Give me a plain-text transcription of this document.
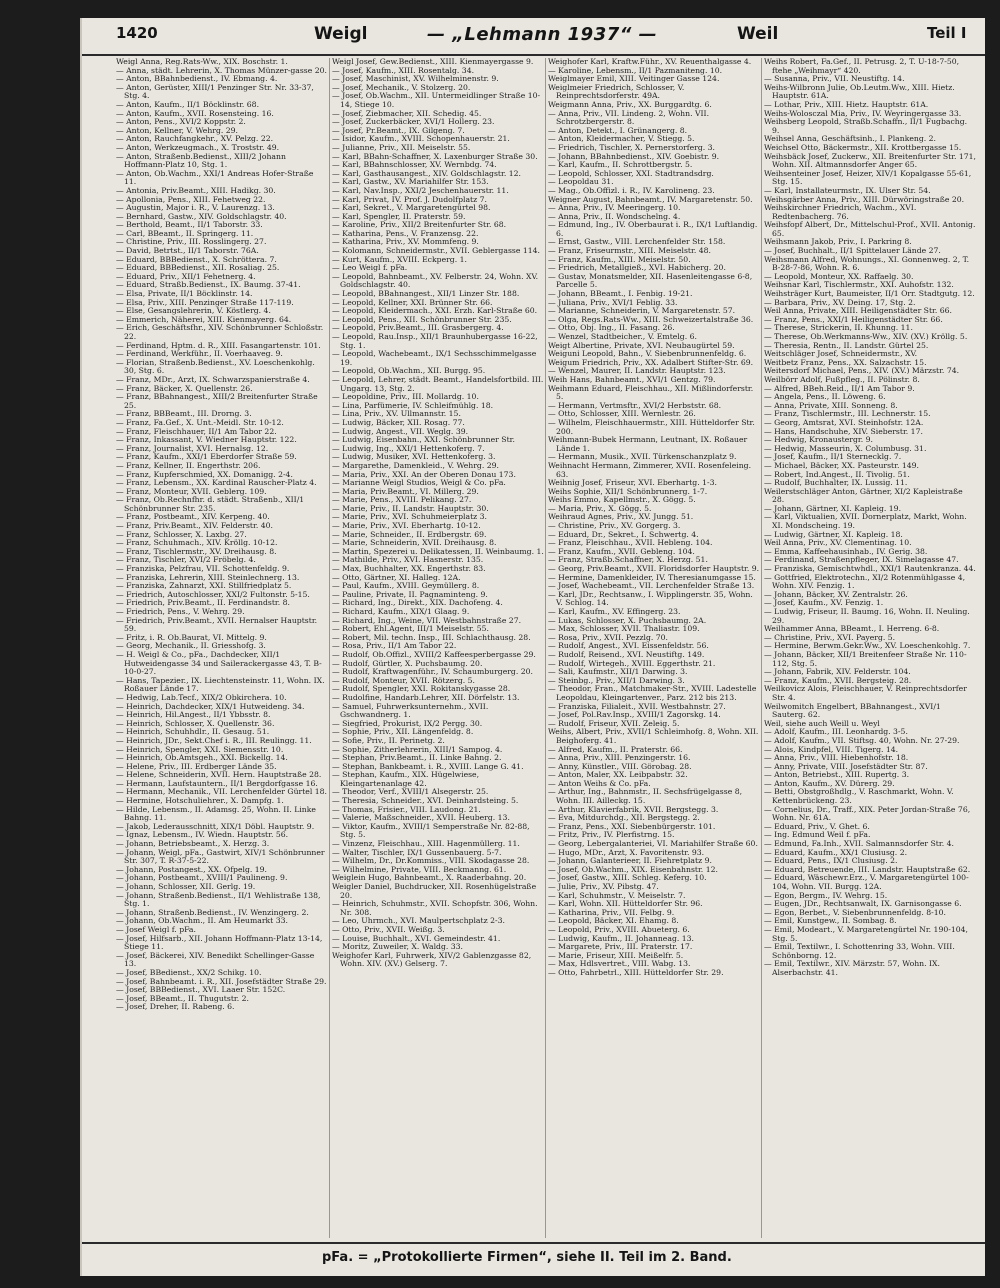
1420	Weigl	— „Lehmann 1937“ —	Weil	Teil I
Weigl Anna, Reg.Rats-Ww., XIX. Boschstr. 1.
— Anna, städt. Lehrerin, X. Thomas Münzer-gasse 20.
— Anton, BBahnbedienst., IV. Ebmang. 4.
— Anton, Gerüster, XIII/1 Penzinger Str. Nr. 33-37, Stg. 4.
— Anton, Kaufm., II/1 Böcklinstr. 68.
— Anton, Kaufm., XVII. Rosensteing. 16.
— Anton, Pens., XVI/2 Koppstr. 2.
— Anton, Kellner, V. Wehrg. 29.
— Anton, Rauchfangkehr., XV. Pelzg. 22.
— Anton, Werkzeugmach., X. Troststr. 49.
— Anton, Straßenb.Bedienst., XIII/2 Johann Hoffmann-Platz 10, Stg. 1.
— Anton, Ob.Wachm., XXI/1 Andreas Hofer-Straße 11.
— Antonia, Priv.Beamt., XIII. Hadikg. 30.
— Apollonia, Pens., XIII. Fehetweg 22.
— Augustin, Major i. R., V. Laurenzg. 13.
— Bernhard, Gastw., XIV. Goldschlagstr. 40.
— Berthold, Beamt., II/1 Taborstr. 33.
— Carl, BBeamt., II. Springerg. 11.
— Christine, Priv., III. Rosslingerg. 27.
— David, Betrtst., II/1 Taborstr. 76A.
— Eduard, BBBedienst., X. Schröttera. 7.
— Eduard, BBBedienst., XII. Rosaliag. 25.
— Eduard, Priv., XII/1 Fehetnerg. 4.
— Eduard, Straßb.Bedienst., IX. Baumg. 37-41.
— Elsa, Private, II/1 Böcklinstr. 14.
— Elsa, Priv., XIII. Penzinger Straße 117-119.
— Else, Gesangslehrerin, V. Köstlerg. 4.
— Emmerich, Näherei, XIII. Kienmayerg. 64.
— Erich, Geschäftsfhr., XIV. Schönbrunner Schloßstr. 22.
— Ferdinand, Hptm. d. R., XIII. Fasangartenstr. 101.
— Ferdinand, Werkführ., II. Voerhaaveg. 9.
— Florian, Straßenb.Bedienst., XV. Loeschenkohlg. 30, Stg. 6.
— Franz, MDr., Arzt, IX. Schwarzspanierstraße 4.
— Franz, Bäcker, X. Quellenstr. 26.
— Franz, BBahnangest., XIII/2 Breitenfurter Straße 25.
— Franz, BBBeamt., III. Drorng. 3.
— Franz, Fa.Gef., X. Unt.-Meidl. Str. 10-12.
— Franz, Fleischhauer, II/1 Am Tabor 22.
— Franz, Inkassant, V. Wiedner Hauptstr. 122.
— Franz, Journalist, XVI. Hernalsg. 12.
— Franz, Kaufm., XXI/1 Eberdorfer Straße 59.
— Franz, Kellner, II. Engerthstr. 206.
— Franz, Kupferschmied, XX. Domanigg. 2-4.
— Franz, Lebensm., XX. Kardinal Rauscher-Platz 4.
— Franz, Monteur, XVII. Geblerg. 109.
— Franz, Ob.Rechnfhr. d. städt. Straßenb., XII/1 Schönbrunner Str. 235.
— Franz, Postbeamt., XIV. Kerpeng. 40.
— Franz, Priv.Beamt., XIV. Felderstr. 40.
— Franz, Schlosser, X. Laxbg. 27.
— Franz, Schuhmach., XIV. Kröllg. 10-12.
— Franz, Tischlermstr., XV. Dreihausg. 8.
— Franz, Tischler, XVI/2 Fröbelg. 4.
— Franziska, Pelzfrau, VII. Schottenfeldg. 9.
— Franziska, Lehrerin, XIII. Steinlechnerg. 13.
— Franziska, Zahnarzt, XXI. Stillfriedplatz 5.
— Friedrich, Autoschlosser, XXI/2 Fultonstr. 5-15.
— Friedrich, Priv.Beamt., II. Ferdinandstr. 8.
— Friedrich, Pens., V. Wehrg. 29.
— Friedrich, Priv.Beamt., XVII. Hernalser Hauptstr. 59.
— Fritz, i. R. Ob.Baurat, VI. Mittelg. 9.
— Georg, Mechanik., II. Griesshofg. 3.
— H. Weigl & Co., pFa., Dachdecker, XII/1 Hutweidengasse 34 und Sailerackergasse 43, T. B-10-0-27.
— Hans, Tapezier., IX. Liechtensteinstr. 11, Wohn. IX. Roßauer Lände 17.
— Hedwig, Lab.Tecf., XIX/2 Obkirchera. 10.
— Heinrich, Dachdecker, XIX/1 Hutweideng. 34.
— Heinrich, Hil.Angest., II/1 Ybbsstr. 8.
— Heinrich, Schlosser, X. Quellenstr. 36.
— Heinrich, Schuhhdlr., II. Gesaug. 51.
— Heinrich, JDr., Sekt.Chef i. R., III. Reulingg. 11.
— Heinrich, Spengler, XXI. Siemensstr. 10.
— Heinrich, Ob.Amtsgeh., XXI. Bickellg. 14.
— Helene, Priv., III. Erdberger Lände 35.
— Helene, Schneiderin, XVII. Hern. Hauptstraße 28.
— Hermann, Laufstauntern., II/1 Bergdorfgasse 16.
— Hermann, Mechanik., VII. Lerchenfelder Gürtel 18.
— Hermine, Hotschuliehrer., X. Dampfg. 1.
— Hilde, Lebensm., II. Adamsg. 25, Wohn. II. Linke Bahng. 11.
— Jakob, Lederausschnitt, XIX/1 Döbl. Hauptstr. 9.
— Ignaz, Lebensm., IV. Wiedn. Hauptstr. 56.
— Johann, Betriebsbeamt., X. Herzg. 3.
— Johann, Weigl, pFa., Gastwirt, XIV/1 Schönbrunner Str. 307, T. R-37-5-22.
— Johann, Postangest., XX. Ofpelg. 19.
— Johann, Postbeamt., XVIII/1 Paulineng. 9.
— Johann, Schlosser, XII. Gerlg. 19.
— Johann, Straßenb.Bedienst., II/1 Wehlistraße 138, Stg. 1.
— Johann, Straßenb.Bedienst., IV. Wenzingerg. 2.
— Johann, Ob.Wachm., II. Am Heumarkt 33.
— Josef Weigl f. pFa.
— Josef, Hilfsarb., XII. Johann Hoffmann-Platz 13-14, Stiege 11.
— Josef, Bäckerei, XIV. Benedikt Schellinger-Gasse 13.
— Josef, BBedienst., XX/2 Schikg. 10.
— Josef, Bahnbeamt. i. R., XII. Josefstädter Straße 29.
— Josef, BBBedienst., XVI. Laaer Str. 152C.
— Josef, BBeamt., II. Thugutstr. 2.
— Josef, Dreher, II. Rabeng. 6.
Weigl Josef, Gew.Bedienst., XIII. Kienmayergasse 9.
— Josef, Kaufm., XIII. Rosentalg. 34.
— Josef, Maschinist, XV. Wilhelminenstr. 9.
— Josef, Mechanik., V. Stolzerg. 20.
— Josef, Ob.Wachm., XII. Untermeidlinger Straße 10-14, Stiege 10.
— Josef, Ziebmacher, XII. Schedig. 45.
— Josef, Zuckerbäcker, XVI/1 Hollerg. 23.
— Josef, Pr.Beamt., IX. Gilgeng. 7.
— Isidor, Kaufm., XVIII. Schopenhauerstr. 21.
— Julianne, Priv., XII. Meiselstr. 55.
— Karl, BBahn-Schaffner, X. Laxenburger Straße 30.
— Karl, BBahnschlosser, XV. Wernbdg. 74.
— Karl, Gasthausangest., XIV. Goldschlagstr. 12.
— Karl, Gastw., XV. Mariahilfer Str. 153.
— Karl, Nav.Insp., XXI/2 Jeschenhauerstr. 11.
— Karl, Privat, IV. Prof. J. Dudolfplatz 7.
— Karl, Sekret., V. Margaretengürtel 98.
— Karl, Spengler, II. Praterstr. 59.
— Karoline, Priv., XII/2 Breitenfurter Str. 68.
— Katharina, Pens., V. Franzensg. 22.
— Katharina, Priv., XV. Mommfeng. 9.
— Kolomann, Schneidermstr., XVII. Geblergasse 114.
— Kurt, Kaufm., XVIII. Eckperg. 1.
— Leo Weigl f. pFa.
— Leopold, Bahnbeamt., XV. Felberstr. 24, Wohn. XV. Goldschlagstr. 40.
— Leopold, BBahnangest., XII/1 Linzer Str. 188.
— Leopold, Kellner, XXI. Brünner Str. 66.
— Leopold, Kleidermach., XXI. Erzh. Karl-Straße 60.
— Leopold, Pens., XII. Schönbrunner Str. 235.
— Leopold, Priv.Beamt., III. Grasbergerg. 4.
— Leopold, Rau.Insp., XII/1 Braunhubergasse 16-22, Stg. 1.
— Leopold, Wachebeamt., IX/1 Sechsschimmelgasse 19.
— Leopold, Ob.Wachm., XII. Burgg. 95.
— Leopold, Lehrer, städt. Beamt., Handelsfortbild. III. Ungarg. 13, Stg. 2.
— Leopoldine, Priv., III. Mollardg. 10.
— Lina, Parfümerie, IV. Schleifmühlg. 18.
— Lina, Priv., XV. Ullmannstr. 15.
— Ludwig, Bäcker, XII. Rosag. 77.
— Ludwig, Angest., VII. Weglg. 39.
— Ludwig, Eisenbahn., XXI. Schönbrunner Str.
— Ludwig, Ing., XXI/1 Hettenkoferg. 7.
— Ludwig, Musiker, XVI. Hettenkoferg. 3.
— Margarethe, Damenkleid., V. Wehrg. 29.
— Maria, Priv., XXI. An der Oberen Donau 173.
— Marianne Weigl Studios, Weigl & Co. pFa.
— Maria, Priv.Beamt., VI. Millerg. 29.
— Marie, Pens., XVIII. Pelikang. 27.
— Marie, Priv., II. Landstr. Hauptstr. 30.
— Marie, Priv., XVI. Schuhmeierplatz 3.
— Marie, Priv., XVI. Eberhartg. 10-12.
— Marie, Schneider., II. Erdbergstr. 69.
— Marie, Schneiderin, XVII. Dreihausg. 8.
— Martin, Spezerei u. Delikatessen, II. Weinbaumg. 1.
— Mathilde, Priv., XVI. Hasnerstr. 135.
— Max, Buchhalter, XX. Engerthstr. 83.
— Otto, Gärtner, XI. Halleg. 12A.
— Paul, Kaufm., XVIII. Geymüllerg. 8.
— Pauline, Private, II. Pagnaminteng. 9.
— Richard, Ing., Direkt., XIX. Dachofeng. 4.
— Richard, Kaufm., XIX/1 Glaag. 9.
— Richard, Ing., Weine, VII. Westbahnstraße 27.
— Robert, Ehl.Agent, III/1 Meiselstr. 55.
— Robert, Mil. techn. Insp., III. Schlachthausg. 28.
— Rosa, Priv., II/1 Am Tabor 22.
— Rudolf, Ob.Offizl., XVIII/2 Kaffeesperbergasse 29.
— Rudolf, Gürtler, X. Puchsbaumg. 20.
— Rudolf, Kraftwagenführ., IV. Schaumburgerg. 20.
— Rudolf, Monteur, XVII. Rötzerg. 5.
— Rudolf, Spengler, XXI. Rokitanskygasse 28.
— Rudolfine, Handarb.Lehrer, XII. Dörfelstr. 13.
— Samuel, Fuhrwerksunternehm., XVII. Gschwandnerg. 1.
— Siegfried, Prokurist, IX/2 Pergg. 30.
— Sophie, Priv., XII. Längenfeldg. 8.
— Sofie, Priv., II. Perinetg. 2.
— Sophie, Zitherlehrerin, XIII/1 Sampog. 4.
— Stephan, Priv.Beamt., II. Linke Bahng. 2.
— Stephan, Bankbeamt. i. R., XVIII. Lange G. 41.
— Stephan, Kaufm., XIX. Hügelwiese, Kleingartenanlage 42.
— Theodor, Verf., XVIII/1 Alsegerstr. 25.
— Theresia, Schneider., XVI. Deinhardsteing. 5.
— Thomas, Frisier., VIII. Laudong. 21.
— Valerie, Maßschneider., XVII. Heuberg. 13.
— Viktor, Kaufm., XVIII/1 Semperstraße Nr. 82-88, Stg. 5.
— Vinzenz, Fleischhau., XIII. Hagenmüllerg. 11.
— Walter, Tischler, IX/1 Gussenbauerg. 5-7.
— Wilhelm, Dr., Dr.Kommiss., VIII. Skodagasse 28.
— Wilhelmine, Private, VIII. Beckmanng. 61.
Weiglein Hugo, Bahnbeamt., X. Raaderbahng. 20.
Weigler Daniel, Buchdrucker, XII. Rosenhügelstraße 20.
— Heinrich, Schuhmstr., XVII. Schopfstr. 306, Wohn. Nr. 308.
— Leo, Uhrmch., XVI. Maulpertschplatz 2-3.
— Otto, Priv., XVII. Weißg. 3.
— Louise, Buchhalt., XVI. Gemeindestr. 41.
— Moritz, Zuweiler, X. Waldg. 33.
Weighofer Karl, Fuhrwerk, XIV/2 Gablenzgasse 82, Wohn. XIV. (XV.) Gelserg. 7.
Weighofer Karl, Kraftw.Führ., XV. Reuenthalgasse 4.
— Karoline, Lebensm., II/1 Pazmaniteng. 10.
Weiglmayer Emil, XIII. Veitinger Gasse 124.
Weiglmeier Friedrich, Schlosser, V. Reinprechtsdorferstr. 49A.
Weigmann Anna, Priv., XX. Burggardtg. 6.
— Anna, Priv., VII. Lindeng. 2, Wohn. VII. Schrotzbergerstr. 8.
— Anton, Detekt., I. Grünangerg. 8.
— Anton, Kleidermacher, V. Stiegg. 5.
— Friedrich, Tischler, X. Pernerstorferg. 3.
— Johann, BBahnbedienst., XIV. Goebistr. 9.
— Karl, Kaufm., II. Schrottbergstr. 5.
— Leopold, Schlosser, XXI. Stadtrandsdrg.
— Leopoldau 31.
— Mag., Ob.Offizl. i. R., IV. Karolineng. 23.
Weigner August, Bahnbeamt., IV. Margaretenstr. 50.
— Anna, Priv., IV. Meeringerg. 10.
— Anna, Priv., II. Wondschelng. 4.
— Edmund, Ing., IV. Oberbaurat i. R., IX/1 Luftlandig. 6.
— Ernst, Gastw., VIII. Lerchenfelder Str. 158.
— Franz, Friseurmstr., XIII. Meiselstr. 48.
— Franz, Kaufm., XIII. Meiselstr. 50.
— Friedrich, Metallgieß., XVI. Habicherg. 20.
— Gustav, Monatsmelder, XII. Hasenleitengasse 6-8, Parcelle 5.
— Johann, BBeamt., I. Fenbig. 19-21.
— Juliana, Priv., XVI/1 Feblig. 33.
— Marianne, Schneiderin, V. Margaretenstr. 57.
— Olga, Regs.Rats-Ww., XIII. Schweizertalstraße 36.
— Otto, Obj. Ing., II. Fasang. 26.
— Wenzel, Stadtbeicher., V. Emtelg. 6.
Weigt Albertine, Private, XVI. Neubaugürtel 59.
Weiguni Leopold, Bahn., V. Siebenbrunnenfeldg. 6.
Weigum Friedrich, Priv., XX. Adalbert Stifter-Str. 69.
— Wenzel, Maurer, II. Landstr. Hauptstr. 123.
Weih Hans, Bahnbeamt., XVI/1 Gentzg. 79.
Weihmann Eduard, Fleischhau., XII. Mißlindorferstr. 5.
— Hermann, Vertmsftr., XVI/2 Herbststr. 68.
— Otto, Schlosser, XIII. Wernlestr. 26.
— Wilhelm, Fleischhauermstr., XIII. Hütteldorfer Str. 200.
Weihmann-Bubek Hermann, Leutnant, IX. Roßauer Lände 1.
— Hermann, Musik., XVII. Türkenschanzplatz 9.
Weihnacht Hermann, Zimmerer, XVII. Rosenfeleing. 63.
Weihnig Josef, Friseur, XVI. Eberhartg. 1-3.
Weihs Sophie, XII/1 Schönbrunnerg. 1-7.
Weihs Emmo, Kapellmstr., X. Gögg. 5.
— Maria, Priv., X. Gögg. 5.
Weihraud Agnes, Priv., XV. Jungg. 51.
— Christine, Priv., XV. Gorgerg. 3.
— Eduard, Dr., Sekret., I. Schwertg. 4.
— Franz, Fleischhau., XVII. Hebleng. 104.
— Franz, Kaufm., XVII. Gebleng. 104.
— Franz, Straßb.Schaffner, X. Herzg. 51.
— Georg, Priv.Beamt., XVII. Floridsdorfer Hauptstr. 9.
— Hermine, Damenkleider, IV. Theresianumgasse 15.
— Josef, Wachebeamt., VII. Lerchenfelder Straße 13.
— Karl, JDr., Rechtsanw., I. Wipplingerstr. 35, Wohn. V. Schlog. 14.
— Karl, Kaufm., XV. Effingerg. 23.
— Lukas, Schlosser, X. Puchsbaumg. 2A.
— Max, Schlosser, XVII. Thaliastr. 109.
— Rosa, Priv., XVII. Pezzlg. 70.
— Rudolf, Angest., XVI. Eissenfeldstr. 56.
— Rudolf, Reisend., XVI. Neustiftg. 149.
— Rudolf, Wirtegeh., XVIII. Eggerthstr. 21.
— Sali, Kaufmstr., XII/1 Darwing. 3.
— Steinbg., Priv., XII/1 Darwing. 3.
— Theodor, Fran., Matchmaker-Str., XVIII. Ladestelle Leopoldau, Kleingartenver., Parz. 212 bis 213.
— Franziska, Filialeit., XVII. Westbahnstr. 27.
— Josef, Pol.Rav.Insp., XVIII/1 Zagorskg. 14.
— Rudolf, Friseur, XVII. Zeleig. 5.
Weihs, Albert, Priv., XVII/1 Schleimhofg. 8, Wohn. XII. Beighoferg. 41.
— Alfred, Kaufm., II. Praterstr. 66.
— Anna, Priv., XIII. Penzingerstr. 16.
— Anny, Künstler., VIII. Görobag. 28.
— Anton, Maler, XX. Leibpabstr. 32.
— Anton Weihs & Co. pFa.
— Arthur, Ing., Bahnmstr., II. Sechsfrügelgasse 8, Wohn. III. Ailleckg. 15.
— Arthur, Klavierfabrik, XVII. Bergstegg. 3.
— Eva, Mitdurchdg., XII. Bergstegg. 2.
— Franz, Pens., XXI. Siebenbürgerstr. 101.
— Fritz, Priv., IV. Plerfistrng. 15.
— Georg, Lebergalanteriei, VI. Mariahilfer Straße 60.
— Hugo, MDr., Arzt, X. Favoritenstr. 93.
— Johann, Galanterieer, II. Fiehretplatz 9.
— Josef, Ob.Wachm., XIX. Eisenbahnstr. 12.
— Josef, Gastw., XIII. Schleg. Keferg. 10.
— Julie, Priv., XV. Pibstg. 47.
— Karl, Schuhmstr., V. Meiselstr. 7.
— Karl, Wohn. XII. Hütteldorfer Str. 96.
— Katharina, Priv., VII. Felbg. 9.
— Leopold, Bäcker, XI. Ehamg. 8.
— Leopold, Priv., XVIII. Abueterg. 6.
— Ludwig, Kaufm., II. Johanneag. 13.
— Margarete, Priv., III. Praterstr. 17.
— Marie, Friseur, XIII. Meißelfr. 5.
— Max, Hdlsvertret., VIII. Wabg. 13.
— Otto, Fahrbetrl., XIII. Hütteldorfer Str. 29.
Weihs Robert, Fa.Gef., II. Petrusg. 2, T. U-18-7-50, ftehe „Weihmayr“ 420.
— Susanna, Priv., VII. Neustiftg. 14.
Weihs-Wilbronn Julie, Ob.Leutm.Ww., XIII. Hietz. Hauptstr. 61A.
— Lothar, Priv., XIII. Hietz. Hauptstr. 61A.
Weihs-Wolosczal Mia, Priv., IV. Weyringergasse 33.
Weihsberg Leopold, Straßb.Schaffn., II/1 Fugbachg. 9.
Weihsel Anna, Geschäftsinh., I. Plankeng. 2.
Weichsel Otto, Bäckermstr., XII. Krottbergasse 15.
Weihsbäck Josef, Zuckerw., XII. Breitenfurter Str. 171, Wohn. XII. Altmannsdorfer Anger 65.
Weihsenteiner Josef, Heizer, XIV/1 Kopalgasse 55-61, Stg. 15.
— Karl, Installateurmstr., IX. Ulser Str. 54.
Weihsgärber Anna, Priv., XIII. Dürwöringstraße 20.
Weihskirchner Friedrich, Wachm., XVI. Redtenbacherg. 76.
Weihsfopf Albert, Dr., Mittelschul-Prof., XVII. Antonig. 65.
Weihsmann Jakob, Priv., I. Parkring 8.
— Josef, Buchhalt., II/1 Spittelauer Lände 27.
Weihsmann Alfred, Wohnungs., XI. Gonnenweg. 2, T. B-28-7-86, Wohn. R. 6.
— Leopold, Monteur, XX. Raffaelg. 30.
Weihsnar Karl, Tischlermstr., XXI. Auhofstr. 132.
Weihsträger Kurt, Baumeister, II/1 Orr. Stadtgutg. 12.
— Barbara, Priv., XV. Deing. 17, Stg. 2.
Weil Anna, Private, XIII. Heiligenstädter Str. 66.
— Franz, Pens., XXI/1 Heiligenstädter Str. 66.
— Therese, Strickerin, II. Khunng. 11.
— Therese, Ob.Werkmanns-Ww., XIV. (XV.) Kröllg. 5.
— Theresia, Rentn., II. Landstr. Gürtel 25.
Weitschläger Josef, Schneidermstr., XV.
Weitbetz Franz, Pens., XX. Salzachstr. 15.
Weitersdorf Michael, Pens., XIV. (XV.) Märzstr. 74.
Weilbörr Adolf, Fußpfleg., II. Pölinstr. 8.
— Alfred, BBeh.Reid., II/1 Am Tabor 9.
— Angela, Pens., II. Löweng. 6.
— Anna, Private, XIII. Sonneng. 8.
— Franz, Tischlermstr., III. Lechnerstr. 15.
— Georg, Amtsrat, XVI. Steinhofstr. 12A.
— Hans, Handschuhe, XIV. Sieberstr. 17.
— Hedwig, Kronaustergr. 9.
— Hedwig, Masseurin, X. Columbusg. 31.
— Josef, Kaufm., II/1 Sternecklg. 7.
— Michael, Bäcker, XX. Pasteurstr. 149.
— Robert, Ind.Angest., II. Tivolig. 51.
— Rudolf, Buchhalter, IX. Lussig. 11.
Weilerstschläger Anton, Gärtner, XI/2 Kapleistraße 28.
— Johann, Gärtner, XI. Kapleig. 19.
— Karl, Viktualien, XVII. Dornerplatz, Markt, Wohn. XI. Mondscheing. 19.
— Ludwig, Gärtner, XI. Kapleig. 18.
Weil Anna, Priv., XV. Clementinag. 10.
— Emma, Kaffeehausinhab., IV. Gerig. 38.
— Ferdinand, Straßenpfleger, IX. Simelagasse 47.
— Franziska, Gemischtwhdl., XXI/1 Rautenkranza. 44.
— Gottfried, Elektrotechn., XI/2 Rotenmühlgasse 4, Wohn. XIV. Fenzig. 1.
— Johann, Bäcker, XV. Zentralstr. 26.
— Josef, Kaufm., XV. Fenzig. 1.
— Ludwig, Friseur, II. Baumg. 16, Wohn. II. Neuling. 29.
Weilhammer Anna, BBeamt., I. Herreng. 6-8.
— Christine, Priv., XVI. Payerg. 5.
— Hermine, Berwm.Gekr.Ww., XV. Loeschenkohlg. 7.
— Johann, Bäcker, XII/1 Breitenfeer Straße Nr. 110-112, Stg. 5.
— Johann, Fabrik, XIV. Felderstr. 104.
— Franz, Kaufm., XVII. Bergsteig. 28.
Weilkovicz Alois, Fleischhauer, V. Reinprechtsdorfer Str. 4.
Weilwomitch Engelbert, BBahnangest., XVI/1 Sauterg. 62.
Weil, siehe auch Weill u. Weyl
— Adolf, Kaufm., III. Leonhardg. 3-5.
— Adolf, Kaufm., VII. Stiftsg. 40, Wohn. Nr. 27-29.
— Alois, Kindpfel, VIII. Tigerg. 14.
— Anna, Priv., VIII. Hiebenhofstr. 18.
— Anny, Private, VIII. Josefstädter Str. 87.
— Anton, Betriebst., XIII. Rupertg. 3.
— Anton, Kaufm., XV. Dürerg. 29.
— Betti, Obstgroßhdlg., V. Raschmarkt, Wohn. V. Kettenbrückeng. 23.
— Cornelius, Dr., Traff., XIX. Peter Jordan-Straße 76, Wohn. Nr. 61A.
— Eduard, Priv., V. Ghet. 6.
— Ing. Edmund Weil f. pFa.
— Edmund, Fa.Inh., XVII. Salmannsdorfer Str. 4.
— Eduard, Kaufm., XX/1 Clusiusg. 2.
— Eduard, Pens., IX/1 Clusiusg. 2.
— Eduard, Betreuende, III. Landstr. Hauptstraße 62.
— Eduard, Wäschewr.Erz., V. Margaretengürtel 100-104, Wohn. VII. Burgg. 12A.
— Egon, Bergm., IV. Wehrg. 15.
— Eugen, JDr., Rechtsanwalt, IX. Garnisongasse 6.
— Egon, Berbet., V. Siebenbrunnenfeldg. 8-10.
— Emil, Kunstgew., II. Sombag. 8.
— Emil, Modeart., V. Margaretengürtel Nr. 190-104, Stg. 5.
— Emil, Textilwr., I. Schottenring 33, Wohn. VIII. Schönborng. 12.
— Emil, Textilwr., XIV. Märzstr. 57, Wohn. IX. Alserbachstr. 41.
pFa. = „Protokollierte Firmen“, siehe II. Teil im 2. Band.
